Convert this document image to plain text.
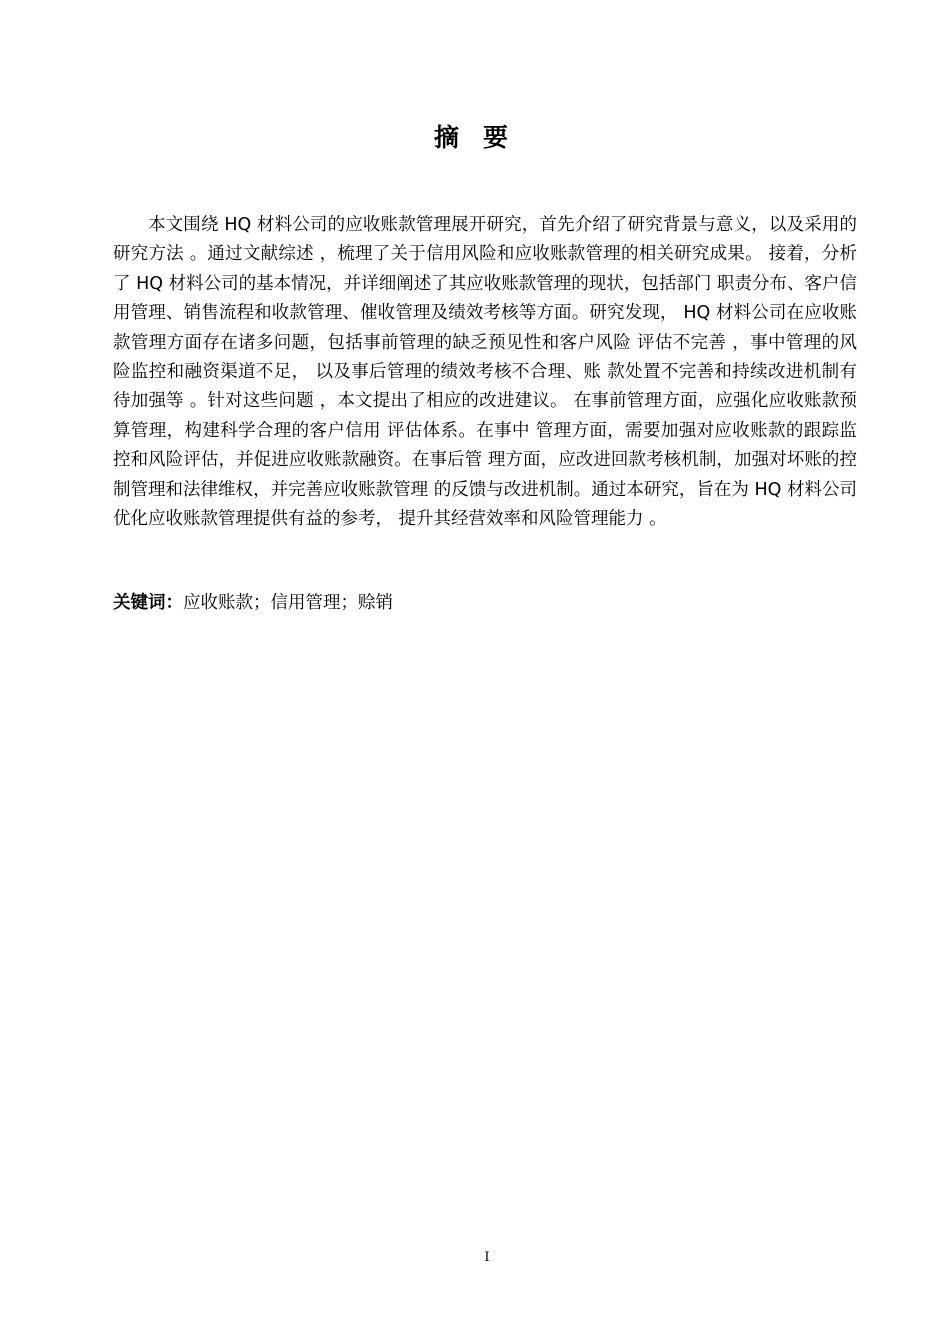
摘要

本文围绕 HQ 材料公司的应收账款管理展开研究，首先介绍了研究背景与意义，以及采用的研究方法 。通过文献综述 ，梳理了关于信用风险和应收账款管理的相关研究成果。 接着，分析了 HQ 材料公司的基本情况，并详细阐述了其应收账款管理的现状，包括部门 职责分布、客户信用管理、销售流程和收款管理、催收管理及绩效考核等方面。研究发现， HQ 材料公司在应收账款管理方面存在诸多问题，包括事前管理的缺乏预见性和客户风险 评估不完善 ，事中管理的风险监控和融资渠道不足， 以及事后管理的绩效考核不合理、账 款处置不完善和持续改进机制有待加强等 。针对这些问题 ，本文提出了相应的改进建议。 在事前管理方面，应强化应收账款预算管理，构建科学合理的客户信用 评估体系。在事中 管理方面，需要加强对应收账款的跟踪监控和风险评估，并促进应收账款融资。在事后管 理方面，应改进回款考核机制，加强对坏账的控制管理和法律维权，并完善应收账款管理 的反馈与改进机制。通过本研究，旨在为 HQ 材料公司优化应收账款管理提供有益的参考， 提升其经营效率和风险管理能力 。

关键词：应收账款；信用管理；赊销
I
